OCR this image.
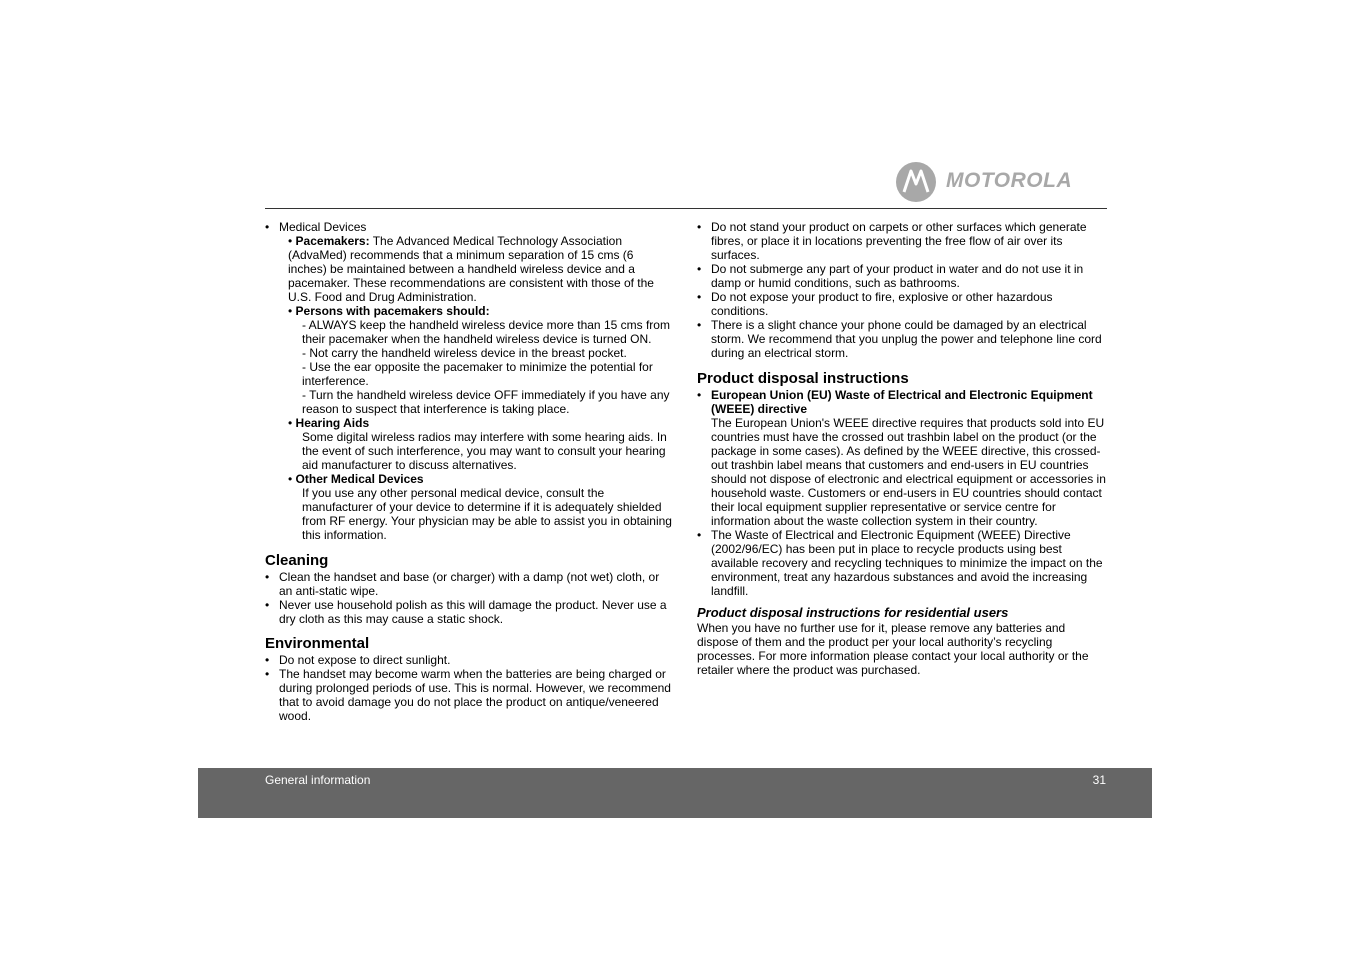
MOTOROLA
• Medical Devices
• Pacemakers: The Advanced Medical Technology Association (AdvaMed) recommends that a minimum separation of 15 cms (6 inches) be maintained between a handheld wireless device and a pacemaker. These recommendations are consistent with those of the U.S. Food and Drug Administration.
• Persons with pacemakers should:
- ALWAYS keep the handheld wireless device more than 15 cms from their pacemaker when the handheld wireless device is turned ON.
- Not carry the handheld wireless device in the breast pocket.
- Use the ear opposite the pacemaker to minimize the potential for interference.
- Turn the handheld wireless device OFF immediately if you have any reason to suspect that interference is taking place.
• Hearing Aids
Some digital wireless radios may interfere with some hearing aids. In the event of such interference, you may want to consult your hearing aid manufacturer to discuss alternatives.
• Other Medical Devices
If you use any other personal medical device, consult the manufacturer of your device to determine if it is adequately shielded from RF energy. Your physician may be able to assist you in obtaining this information.
Cleaning
• Clean the handset and base (or charger) with a damp (not wet) cloth, or an anti-static wipe.
• Never use household polish as this will damage the product. Never use a dry cloth as this may cause a static shock.
Environmental
• Do not expose to direct sunlight.
• The handset may become warm when the batteries are being charged or during prolonged periods of use. This is normal. However, we recommend that to avoid damage you do not place the product on antique/veneered wood.
• Do not stand your product on carpets or other surfaces which generate fibres, or place it in locations preventing the free flow of air over its surfaces.
• Do not submerge any part of your product in water and do not use it in damp or humid conditions, such as bathrooms.
• Do not expose your product to fire, explosive or other hazardous conditions.
• There is a slight chance your phone could be damaged by an electrical storm. We recommend that you unplug the power and telephone line cord during an electrical storm.
Product disposal instructions
• European Union (EU) Waste of Electrical and Electronic Equipment (WEEE) directive
The European Union's WEEE directive requires that products sold into EU countries must have the crossed out trashbin label on the product (or the package in some cases). As defined by the WEEE directive, this crossed-out trashbin label means that customers and end-users in EU countries should not dispose of electronic and electrical equipment or accessories in household waste. Customers or end-users in EU countries should contact their local equipment supplier representative or service centre for information about the waste collection system in their country.
• The Waste of Electrical and Electronic Equipment (WEEE) Directive (2002/96/EC) has been put in place to recycle products using best available recovery and recycling techniques to minimize the impact on the environment, treat any hazardous substances and avoid the increasing landfill.
Product disposal instructions for residential users
When you have no further use for it, please remove any batteries and dispose of them and the product per your local authority’s recycling processes. For more information please contact your local authority or the retailer where the product was purchased.
General information	31
